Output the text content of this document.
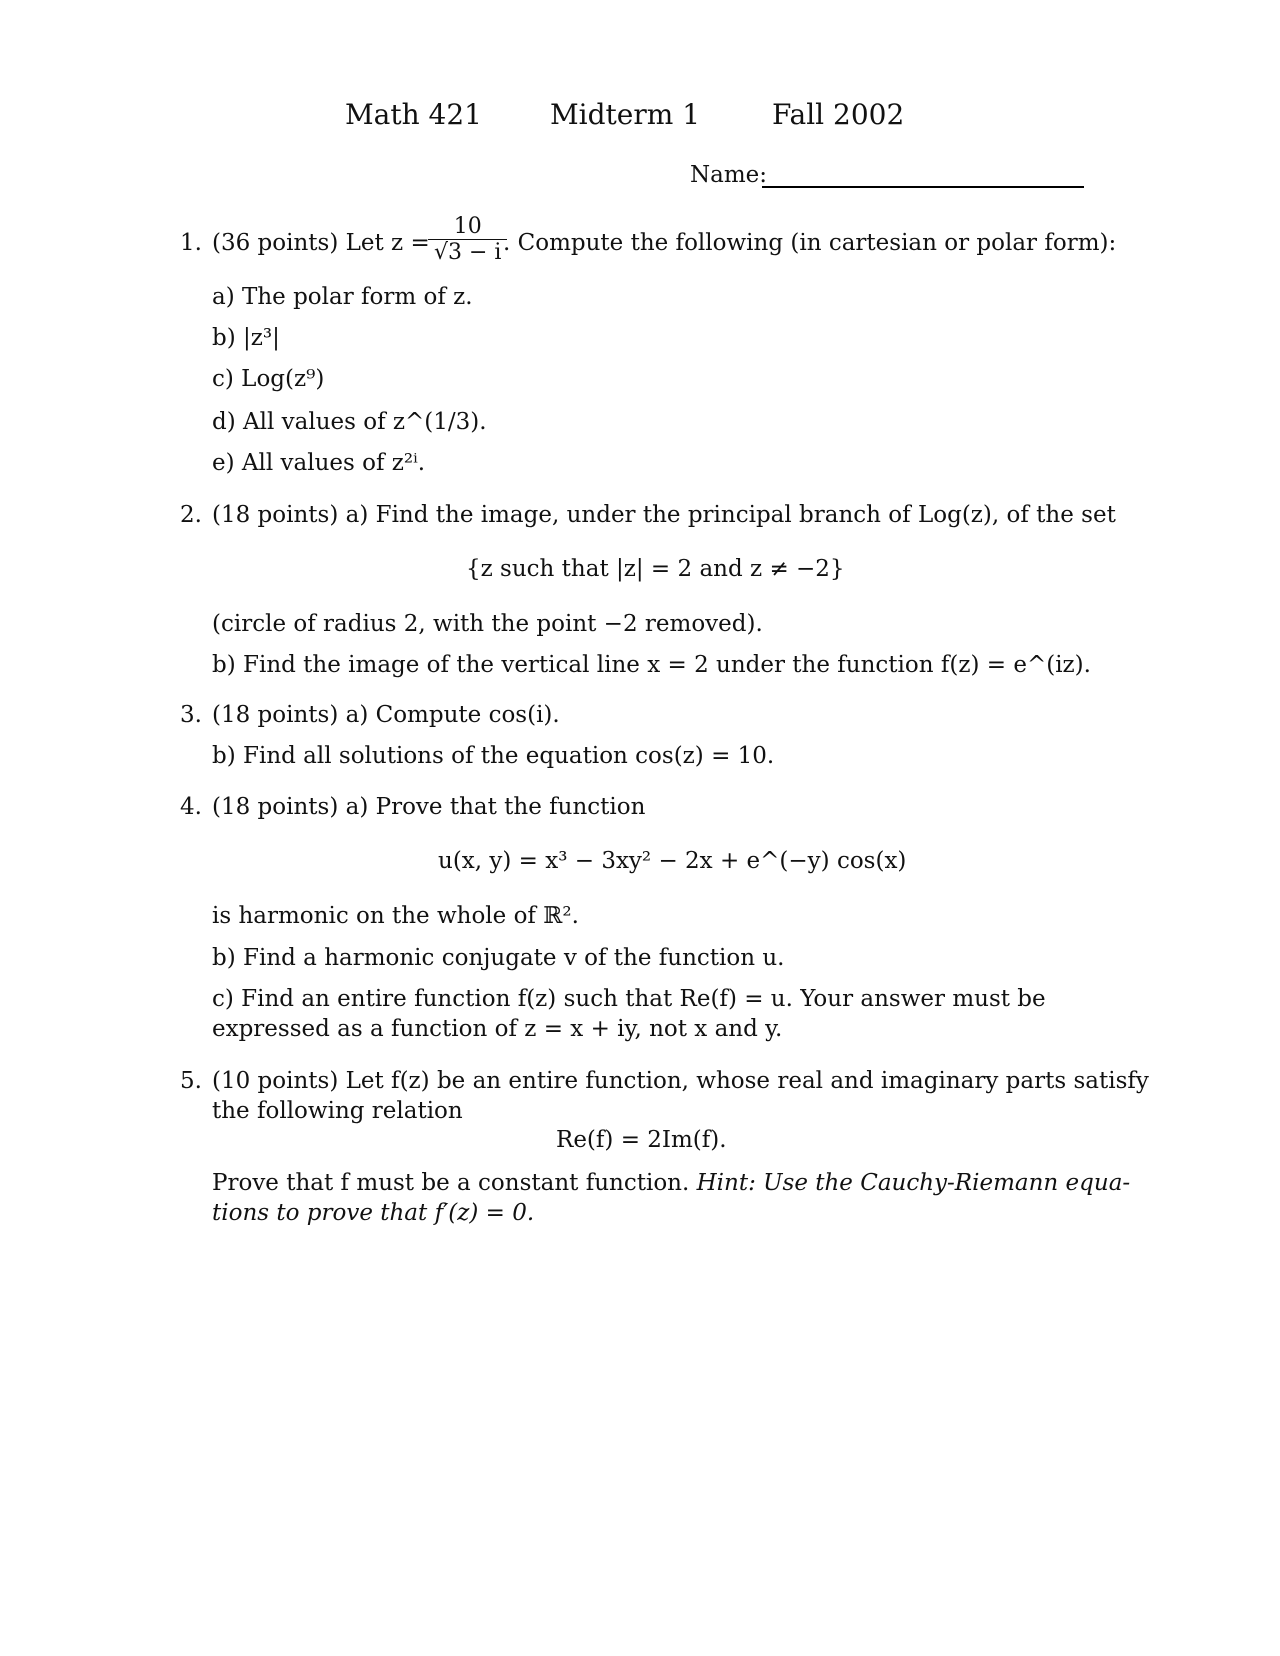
Math 421 Midterm 1	Fall 2002
Name:
1. (36 points) Let z =
$\frac{10}{√3 - i}$
. Compute the following (in cartesian or polar form):
a) The polar form of z.
b) |z³|
c) Log(z⁹)
d) All values of z^(1/3).
e) All values of z²ⁱ.
2. (18 points) a) Find the image, under the principal branch of Log(z), of the set
{z such that |z| = 2 and z ≠ −2}
(circle of radius 2, with the point −2 removed).
b) Find the image of the vertical line x = 2 under the function f(z) = e^(iz).
3. (18 points) a) Compute cos(i).
b) Find all solutions of the equation cos(z) = 10.
4. (18 points) a) Prove that the function
u(x, y) = x³ − 3xy² − 2x + e^(−y) cos(x)
is harmonic on the whole of ℝ².
b) Find a harmonic conjugate v of the function u.
c) Find an entire function f(z) such that Re(f) = u. Your answer must be
expressed as a function of z = x + iy, not x and y.
5. (10 points) Let f(z) be an entire function, whose real and imaginary parts satisfy
the following relation
Re(f) = 2Im(f).
Prove that f must be a constant function. Hint: Use the Cauchy-Riemann equa-
tions to prove that f′(z) = 0.
